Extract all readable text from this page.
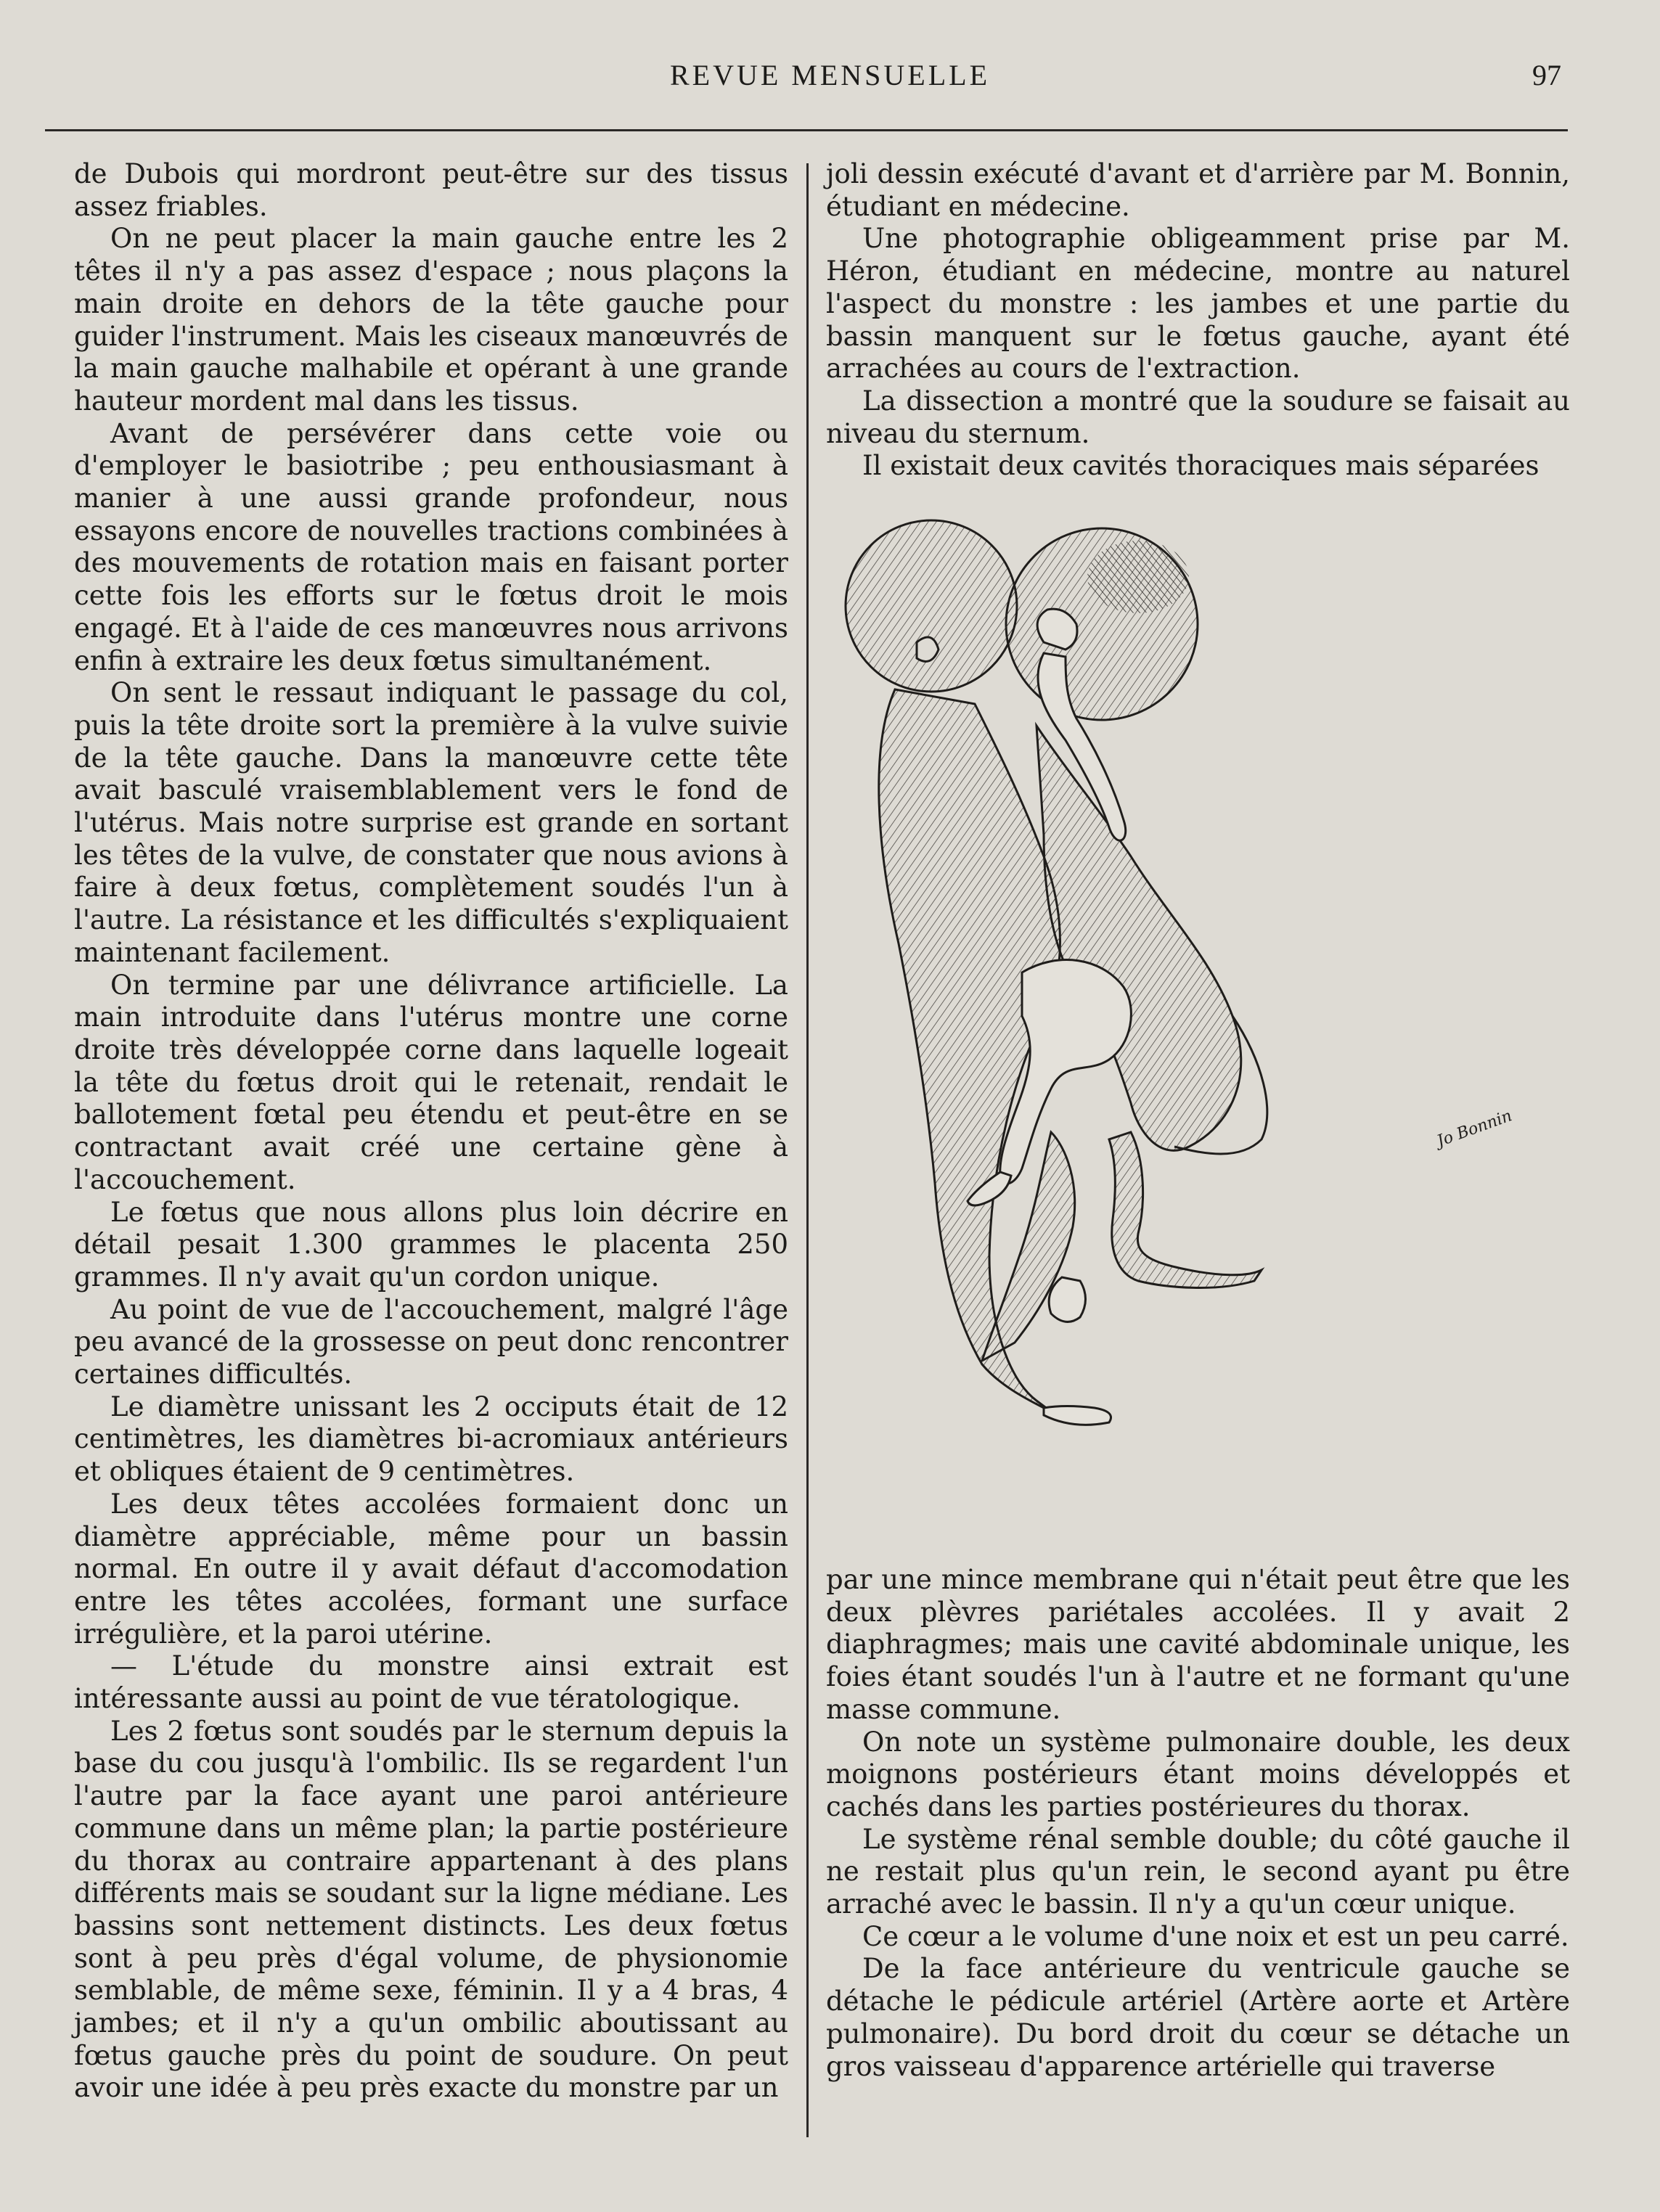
REVUE MENSUELLE	97

de Dubois qui mordront peut-être sur des tissus assez friables.

On ne peut placer la main gauche entre les 2 têtes il n'y a pas assez d'espace ; nous plaçons la main droite en dehors de la tête gauche pour guider l'instrument. Mais les ciseaux manœuvrés de la main gauche malhabile et opérant à une grande hauteur mordent mal dans les tissus.

Avant de persévérer dans cette voie ou d'employer le basiotribe ; peu enthousiasmant à manier à une aussi grande profondeur, nous essayons encore de nouvelles tractions combinées à des mouvements de rotation mais en faisant porter cette fois les efforts sur le fœtus droit le mois engagé. Et à l'aide de ces manœuvres nous arrivons enfin à extraire les deux fœtus simultanément.

On sent le ressaut indiquant le passage du col, puis la tête droite sort la première à la vulve suivie de la tête gauche. Dans la manœuvre cette tête avait basculé vraisemblablement vers le fond de l'utérus. Mais notre surprise est grande en sortant les têtes de la vulve, de constater que nous avions à faire à deux fœtus, complètement soudés l'un à l'autre. La résistance et les difficultés s'expliquaient maintenant facilement.

On termine par une délivrance artificielle. La main introduite dans l'utérus montre une corne droite très développée corne dans laquelle logeait la tête du fœtus droit qui le retenait, rendait le ballotement fœtal peu étendu et peut-être en se contractant avait créé une certaine gène à l'accouchement.

Le fœtus que nous allons plus loin décrire en détail pesait 1.300 grammes le placenta 250 grammes. Il n'y avait qu'un cordon unique.

Au point de vue de l'accouchement, malgré l'âge peu avancé de la grossesse on peut donc rencontrer certaines difficultés.

Le diamètre unissant les 2 occiputs était de 12 centimètres, les diamètres bi-acromiaux antérieurs et obliques étaient de 9 centimètres.

Les deux têtes accolées formaient donc un diamètre appréciable, même pour un bassin normal. En outre il y avait défaut d'accomodation entre les têtes accolées, formant une surface irrégulière, et la paroi utérine.

— L'étude du monstre ainsi extrait est intéressante aussi au point de vue tératologique.

Les 2 fœtus sont soudés par le sternum depuis la base du cou jusqu'à l'ombilic. Ils se regardent l'un l'autre par la face ayant une paroi antérieure commune dans un même plan; la partie postérieure du thorax au contraire appartenant à des plans différents mais se soudant sur la ligne médiane. Les bassins sont nettement distincts. Les deux fœtus sont à peu près d'égal volume, de physionomie semblable, de même sexe, féminin. Il y a 4 bras, 4 jambes; et il n'y a qu'un ombilic aboutissant au fœtus gauche près du point de soudure. On peut avoir une idée à peu près exacte du monstre par un

joli dessin exécuté d'avant et d'arrière par M. Bonnin, étudiant en médecine.

Une photographie obligeamment prise par M. Héron, étudiant en médecine, montre au naturel l'aspect du monstre : les jambes et une partie du bassin manquent sur le fœtus gauche, ayant été arrachées au cours de l'extraction.

La dissection a montré que la soudure se faisait au niveau du sternum.

Il existait deux cavités thoraciques mais séparées

Jo Bonnin

par une mince membrane qui n'était peut être que les deux plèvres pariétales accolées. Il y avait 2 diaphragmes; mais une cavité abdominale unique, les foies étant soudés l'un à l'autre et ne formant qu'une masse commune.

On note un système pulmonaire double, les deux moignons postérieurs étant moins développés et cachés dans les parties postérieures du thorax.

Le système rénal semble double; du côté gauche il ne restait plus qu'un rein, le second ayant pu être arraché avec le bassin. Il n'y a qu'un cœur unique.

Ce cœur a le volume d'une noix et est un peu carré.

De la face antérieure du ventricule gauche se détache le pédicule artériel (Artère aorte et Artère pulmonaire). Du bord droit du cœur se détache un gros vaisseau d'apparence artérielle qui traverse
